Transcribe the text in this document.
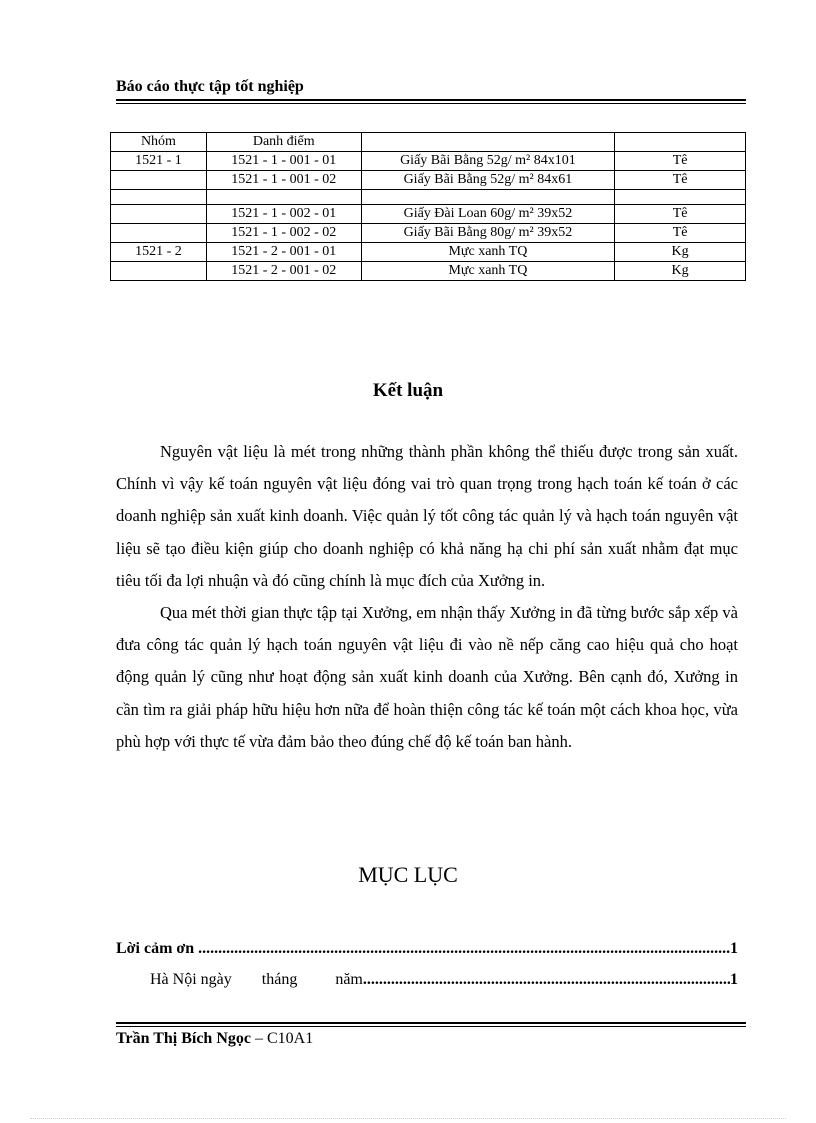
Báo cáo thực tập tốt nghiệp
Nhóm	Danh điểm		
1521 - 1	1521 - 1 - 001 - 01	Giấy Bãi Bằng 52g/ m² 84x101	Tê
	1521 - 1 - 001 - 02	Giấy Bãi Bằng 52g/ m² 84x61	Tê

	1521 - 1 - 002 - 01	Giấy Đài Loan 60g/ m² 39x52	Tê
	1521 - 1 - 002 - 02	Giấy Bãi Bằng 80g/ m² 39x52	Tê
1521 - 2	1521 - 2 - 001 - 01	Mực xanh TQ	Kg
	1521 - 2 - 001 - 02	Mực xanh TQ	Kg
Kết luận

Nguyên vật liệu là mét trong những thành phần không thể thiếu được trong sản xuất. Chính vì vậy kế toán nguyên vật liệu đóng vai trò quan trọng trong hạch toán kế toán ở các doanh nghiệp sản xuất kinh doanh. Việc quản lý tốt công tác quản lý và hạch toán nguyên vật liệu sẽ tạo điều kiện giúp cho doanh nghiệp có khả năng hạ chi phí sản xuất nhằm đạt mục tiêu tối đa lợi nhuận và đó cũng chính là mục đích của Xưởng in.

Qua mét thời gian thực tập tại Xưởng, em nhận thấy Xưởng in đã từng bước sắp xếp và đưa công tác quản lý hạch toán nguyên vật liệu đi vào nề nếp căng cao hiệu quả cho hoạt động quản lý cũng như hoạt động sản xuất kinh doanh của Xưởng. Bên cạnh đó, Xưởng in cần tìm ra giải pháp hữu hiệu hơn nữa để hoàn thiện công tác kế toán một cách khoa học, vừa phù hợp với thực tế vừa đảm bảo theo đúng chế độ kế toán ban hành.

MỤC LỤC
Lời cảm ơn .....	1
Hà Nội ngày tháng năm .....	1
Trần Thị Bích Ngọc – C10A1
